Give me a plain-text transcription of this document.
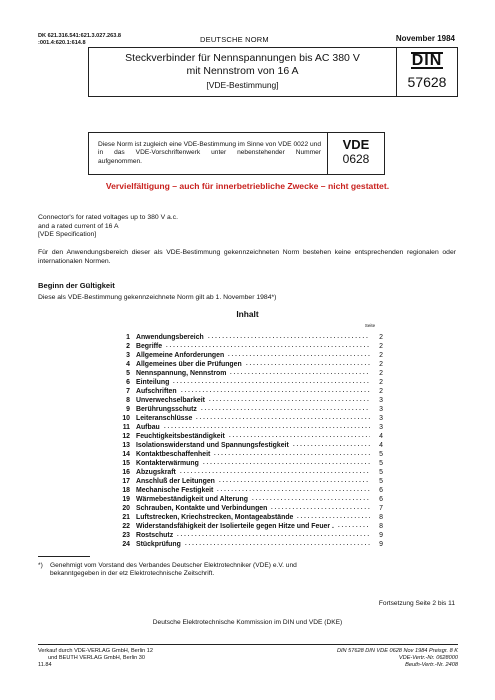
DK 621.316.541:621.3.027.263.8
:001.4:620.1:614.8	DEUTSCHE NORM	November 1984
Steckverbinder für Nennspannungen bis AC 380 V
mit Nennstrom von 16 A
[VDE-Bestimmung]
DIN
57628
Diese Norm ist zugleich eine VDE-Bestimmung im Sinne von VDE 0022 und in das VDE-Vorschriftenwerk unter nebenstehender Nummer aufgenommen.
VDE
0628
Vervielfältigung – auch für innerbetriebliche Zwecke – nicht gestattet.
Connector's for rated voltages up to 380 V a.c.
and a rated current of 16 A
[VDE Specification]
Für den Anwendungsbereich dieser als VDE-Bestimmung gekennzeichneten Norm bestehen keine entsprechenden regionalen oder internationalen Normen.
Beginn der Gültigkeit
Diese als VDE-Bestimmung gekennzeichnete Norm gilt ab 1. November 1984*)
Inhalt
Seite
1 Anwendungsbereich	2
2 Begriffe	2
3 Allgemeine Anforderungen	2
4 Allgemeines über die Prüfungen	2
5 Nennspannung, Nennstrom	2
6 Einteilung	2
7 Aufschriften	2
8 Unverwechselbarkeit	3
9 Berührungsschutz	3
10 Leiteranschlüsse	3
11 Aufbau	3
12 Feuchtigkeitsbeständigkeit	4
13 Isolationswiderstand und Spannungsfestigkeit	4
14 Kontaktbeschaffenheit	5
15 Kontakterwärmung	5
16 Abzugskraft	5
17 Anschluß der Leitungen	5
18 Mechanische Festigkeit	6
19 Wärmebeständigkeit und Alterung	6
20 Schrauben, Kontakte und Verbindungen	7
21 Luftstrecken, Kriechstrecken, Montageabstände	8
22 Widerstandsfähigkeit der Isolierteile gegen Hitze und Feuer .	8
23 Rostschutz	9
24 Stückprüfung	9
*)	Genehmigt vom Vorstand des Verbandes Deutscher Elektrotechniker (VDE) e.V. und
bekanntgegeben in der etz Elektrotechnische Zeitschrift.
Fortsetzung Seite 2 bis 11
Deutsche Elektrotechnische Kommission im DIN und VDE (DKE)
Verkauf durch VDE-VERLAG GmbH, Berlin 12
und BEUTH VERLAG GmbH, Berlin 30
11.84
DIN 57628 DIN VDE 0628 Nov 1984 Preisgr. 8 K
VDE-Vertr.-Nr. 0628000
Beuth-Vertr.-Nr. 2408
